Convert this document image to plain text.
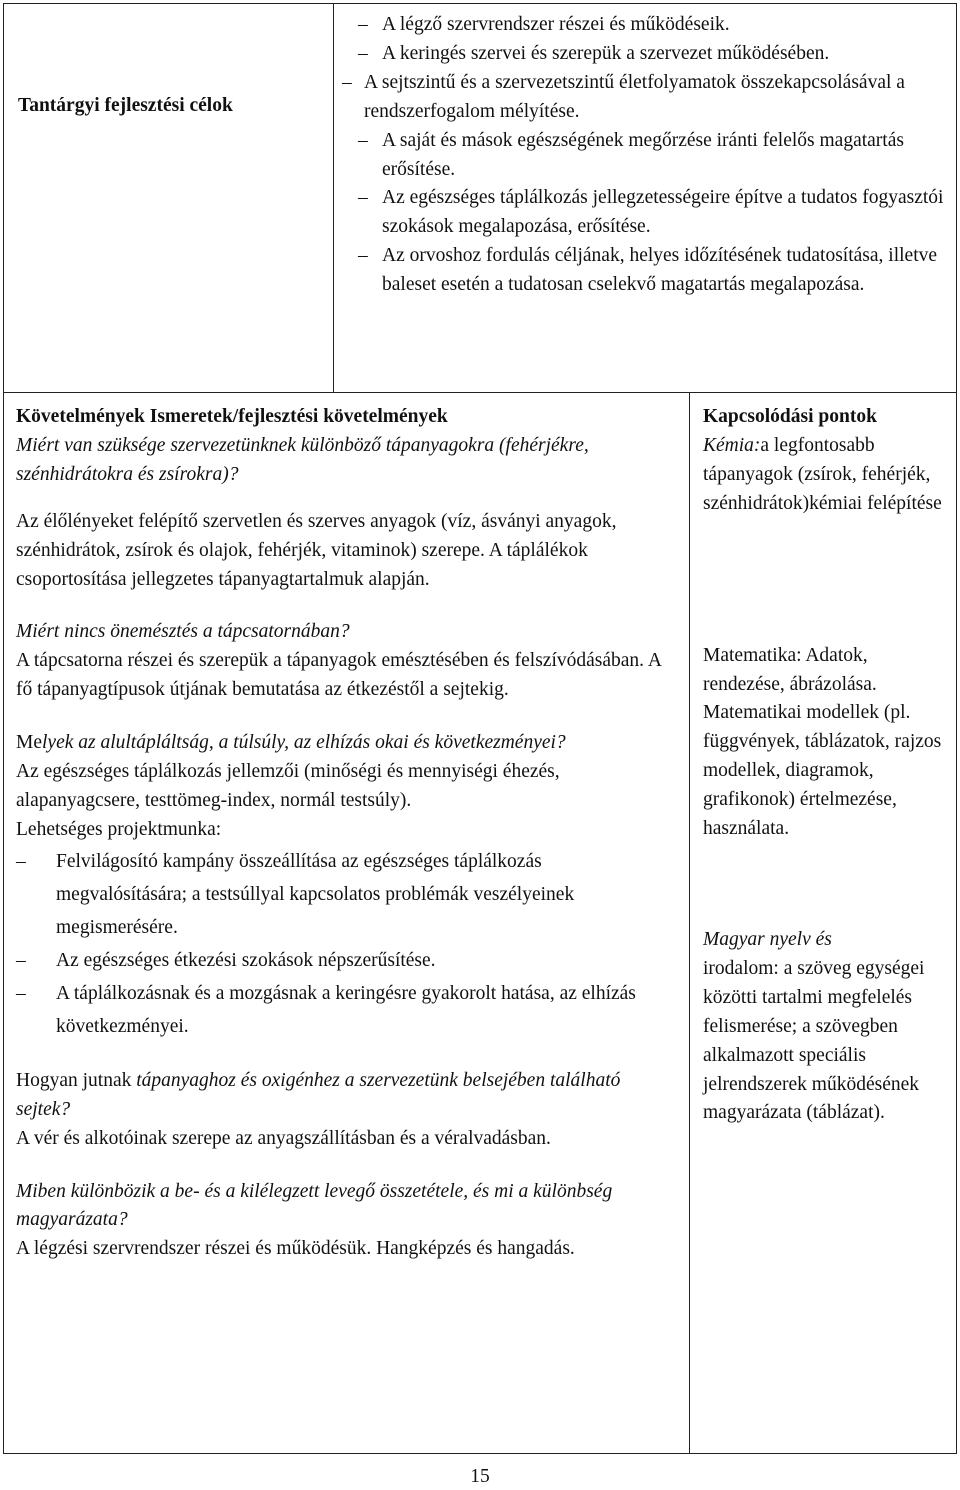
Tantárgyi fejlesztési célok
– A légző szervrendszer részei és működéseik.
– A keringés szervei és szerepük a szervezet működésében.
– A sejtszintű és a szervezetszintű életfolyamatok összekapcsolásával a rendszerfogalom mélyítése.
– A saját és mások egészségének megőrzése iránti felelős magatartás erősítése.
– Az egészséges táplálkozás jellegzetességeire építve a tudatos fogyasztói szokások megalapozása, erősítése.
– Az orvoshoz fordulás céljának, helyes időzítésének tudatosítása, illetve baleset esetén a tudatosan cselekvő magatartás megalapozása.

Követelmények Ismeretek/fejlesztési követelmények

Miért van szüksége szervezetünknek különböző tápanyagokra (fehérjékre, szénhidrátokra és zsírokra)?

Az élőlényeket felépítő szervetlen és szerves anyagok (víz, ásványi anyagok, szénhidrátok, zsírok és olajok, fehérjék, vitaminok) szerepe. A táplálékok csoportosítása jellegzetes tápanyagtartalmuk alapján.

Miért nincs önemésztés a tápcsatornában?

A tápcsatorna részei és szerepük a tápanyagok emésztésében és felszívódásában. A fő tápanyagtípusok útjának bemutatása az étkezéstől a sejtekig.

Melyek az alultápláltság, a túlsúly, az elhízás okai és következményei?

Az egészséges táplálkozás jellemzői (minőségi és mennyiségi éhezés, alapanyagcsere, testtömeg-index, normál testsúly).

Lehetséges projektmunka:

– Felvilágosító kampány összeállítása az egészséges táplálkozás megvalósítására; a testsúllyal kapcsolatos problémák veszélyeinek megismerésére.
– Az egészséges étkezési szokások népszerűsítése.
– A táplálkozásnak és a mozgásnak a keringésre gyakorolt hatása, az elhízás következményei.

Hogyan jutnak tápanyaghoz és oxigénhez a szervezetünk belsejében található sejtek?

A vér és alkotóinak szerepe az anyagszállításban és a véralvadásban.

Miben különbözik a be- és a kilélegzett levegő összetétele, és mi a különbség magyarázata?

A légzési szervrendszer részei és működésük. Hangképzés és hangadás.

Kapcsolódási pontok

Kémia:a legfontosabb tápanyagok (zsírok, fehérjék, szénhidrátok)kémiai felépítése

Matematika: Adatok, rendezése, ábrázolása. Matematikai modellek (pl. függvények, táblázatok, rajzos modellek, diagramok, grafikonok) értelmezése, használata.

Magyar nyelv és

irodalom: a szöveg egységei közötti tartalmi megfelelés felismerése; a szövegben alkalmazott speciális jelrendszerek működésének magyarázata (táblázat).

15
